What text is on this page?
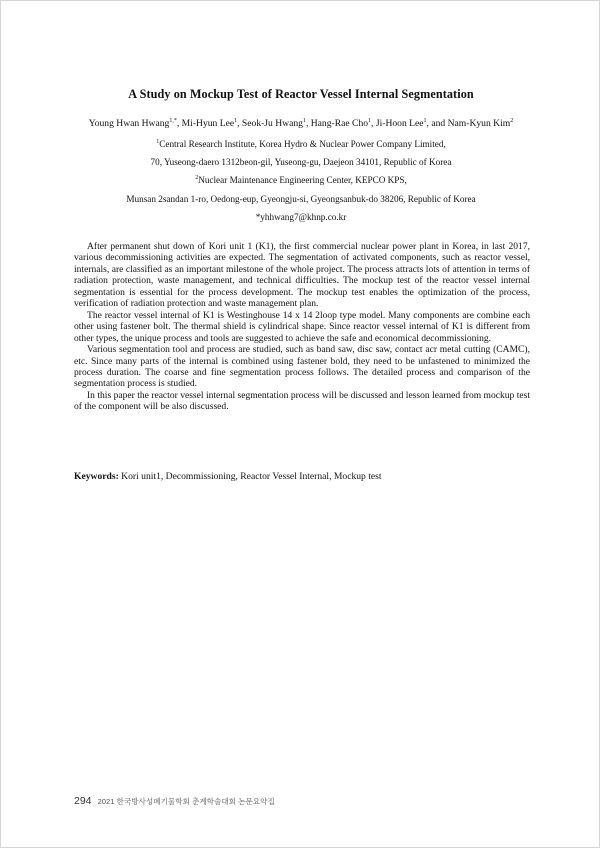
A Study on Mockup Test of Reactor Vessel Internal Segmentation
Young Hwan Hwang$^{1,*}$, Mi-Hyun Lee$^1$, Seok-Ju Hwang$^1$, Hang-Rae Cho$^1$, Ji-Hoon Lee$^1$, and Nam-Kyun Kim$^2$
$^1$Central Research Institute, Korea Hydro & Nuclear Power Company Limited,
70, Yuseong-daero 1312beon-gil, Yuseong-gu, Daejeon 34101, Republic of Korea
$^2$Nuclear Maintenance Engineering Center, KEPCO KPS,
Munsan 2sandan 1-ro, Oedong-eup, Gyeongju-si, Gyeongsanbuk-do 38206, Republic of Korea
*yhhwang7@khnp.co.kr

After permanent shut down of Kori unit 1 (K1), the first commercial nuclear power plant in Korea, in last 2017, various decommissioning activities are expected. The segmentation of activated components, such as reactor vessel, internals, are classified as an important milestone of the whole project. The process attracts lots of attention in terms of radiation protection, waste management, and technical difficulties. The mockup test of the reactor vessel internal segmentation is essential for the process development. The mockup test enables the optimization of the process, verification of radiation protection and waste management plan.

The reactor vessel internal of K1 is Westinghouse 14 x 14 2loop type model. Many components are combine each other using fastener bolt. The thermal shield is cylindrical shape. Since reactor vessel internal of K1 is different from other types, the unique process and tools are suggested to achieve the safe and economical decommissioning.

Various segmentation tool and process are studied, such as band saw, disc saw, contact acr metal cutting (CAMC), etc. Since many parts of the internal is combined using fastener bold, they need to be unfastened to minimized the process duration. The coarse and fine segmentation process follows. The detailed process and comparison of the segmentation process is studied.

In this paper the reactor vessel internal segmentation process will be discussed and lesson learned from mockup test of the component will be also discussed.

Keywords: Kori unit1, Decommissioning, Reactor Vessel Internal, Mockup test
294 2021 한국방사성폐기물학회 춘계학술대회 논문요약집
